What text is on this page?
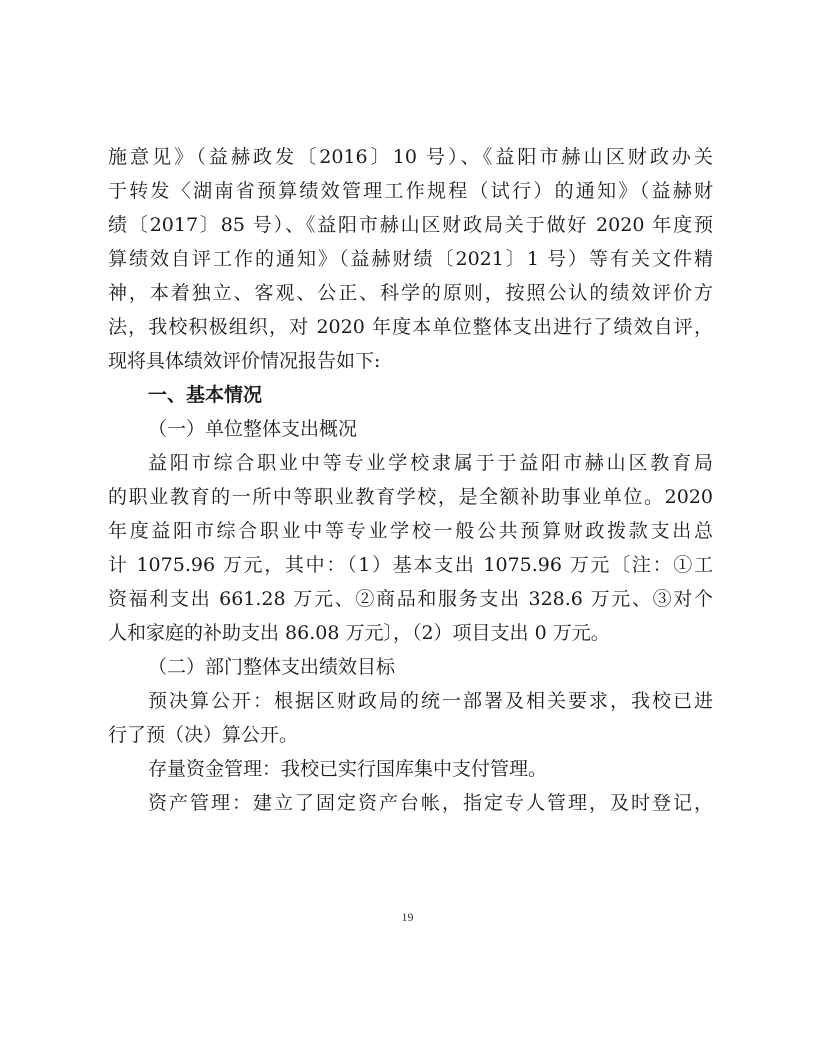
施意见》（益赫政发〔2016〕10 号）、《益阳市赫山区财政办关
于转发〈湖南省预算绩效管理工作规程（试行）的通知》（益赫财
绩〔2017〕85 号）、《益阳市赫山区财政局关于做好 2020 年度预
算绩效自评工作的通知》（益赫财绩〔2021〕1 号）等有关文件精
神，本着独立、客观、公正、科学的原则，按照公认的绩效评价方
法，我校积极组织，对 2020 年度本单位整体支出进行了绩效自评，
现将具体绩效评价情况报告如下:
一、基本情况
（一）单位整体支出概况
益阳市综合职业中等专业学校隶属于于益阳市赫山区教育局
的职业教育的一所中等职业教育学校，是全额补助事业单位。2020
年度益阳市综合职业中等专业学校一般公共预算财政拨款支出总
计 1075.96 万元，其中：（1）基本支出 1075.96 万元〔注：①工
资福利支出 661.28 万元、②商品和服务支出 328.6 万元、③对个
人和家庭的补助支出 86.08 万元〕，（2）项目支出 0 万元。
（二）部门整体支出绩效目标
预决算公开：根据区财政局的统一部署及相关要求，我校已进
行了预（决）算公开。
存量资金管理：我校已实行国库集中支付管理。
资产管理：建立了固定资产台帐，指定专人管理，及时登记，
19
